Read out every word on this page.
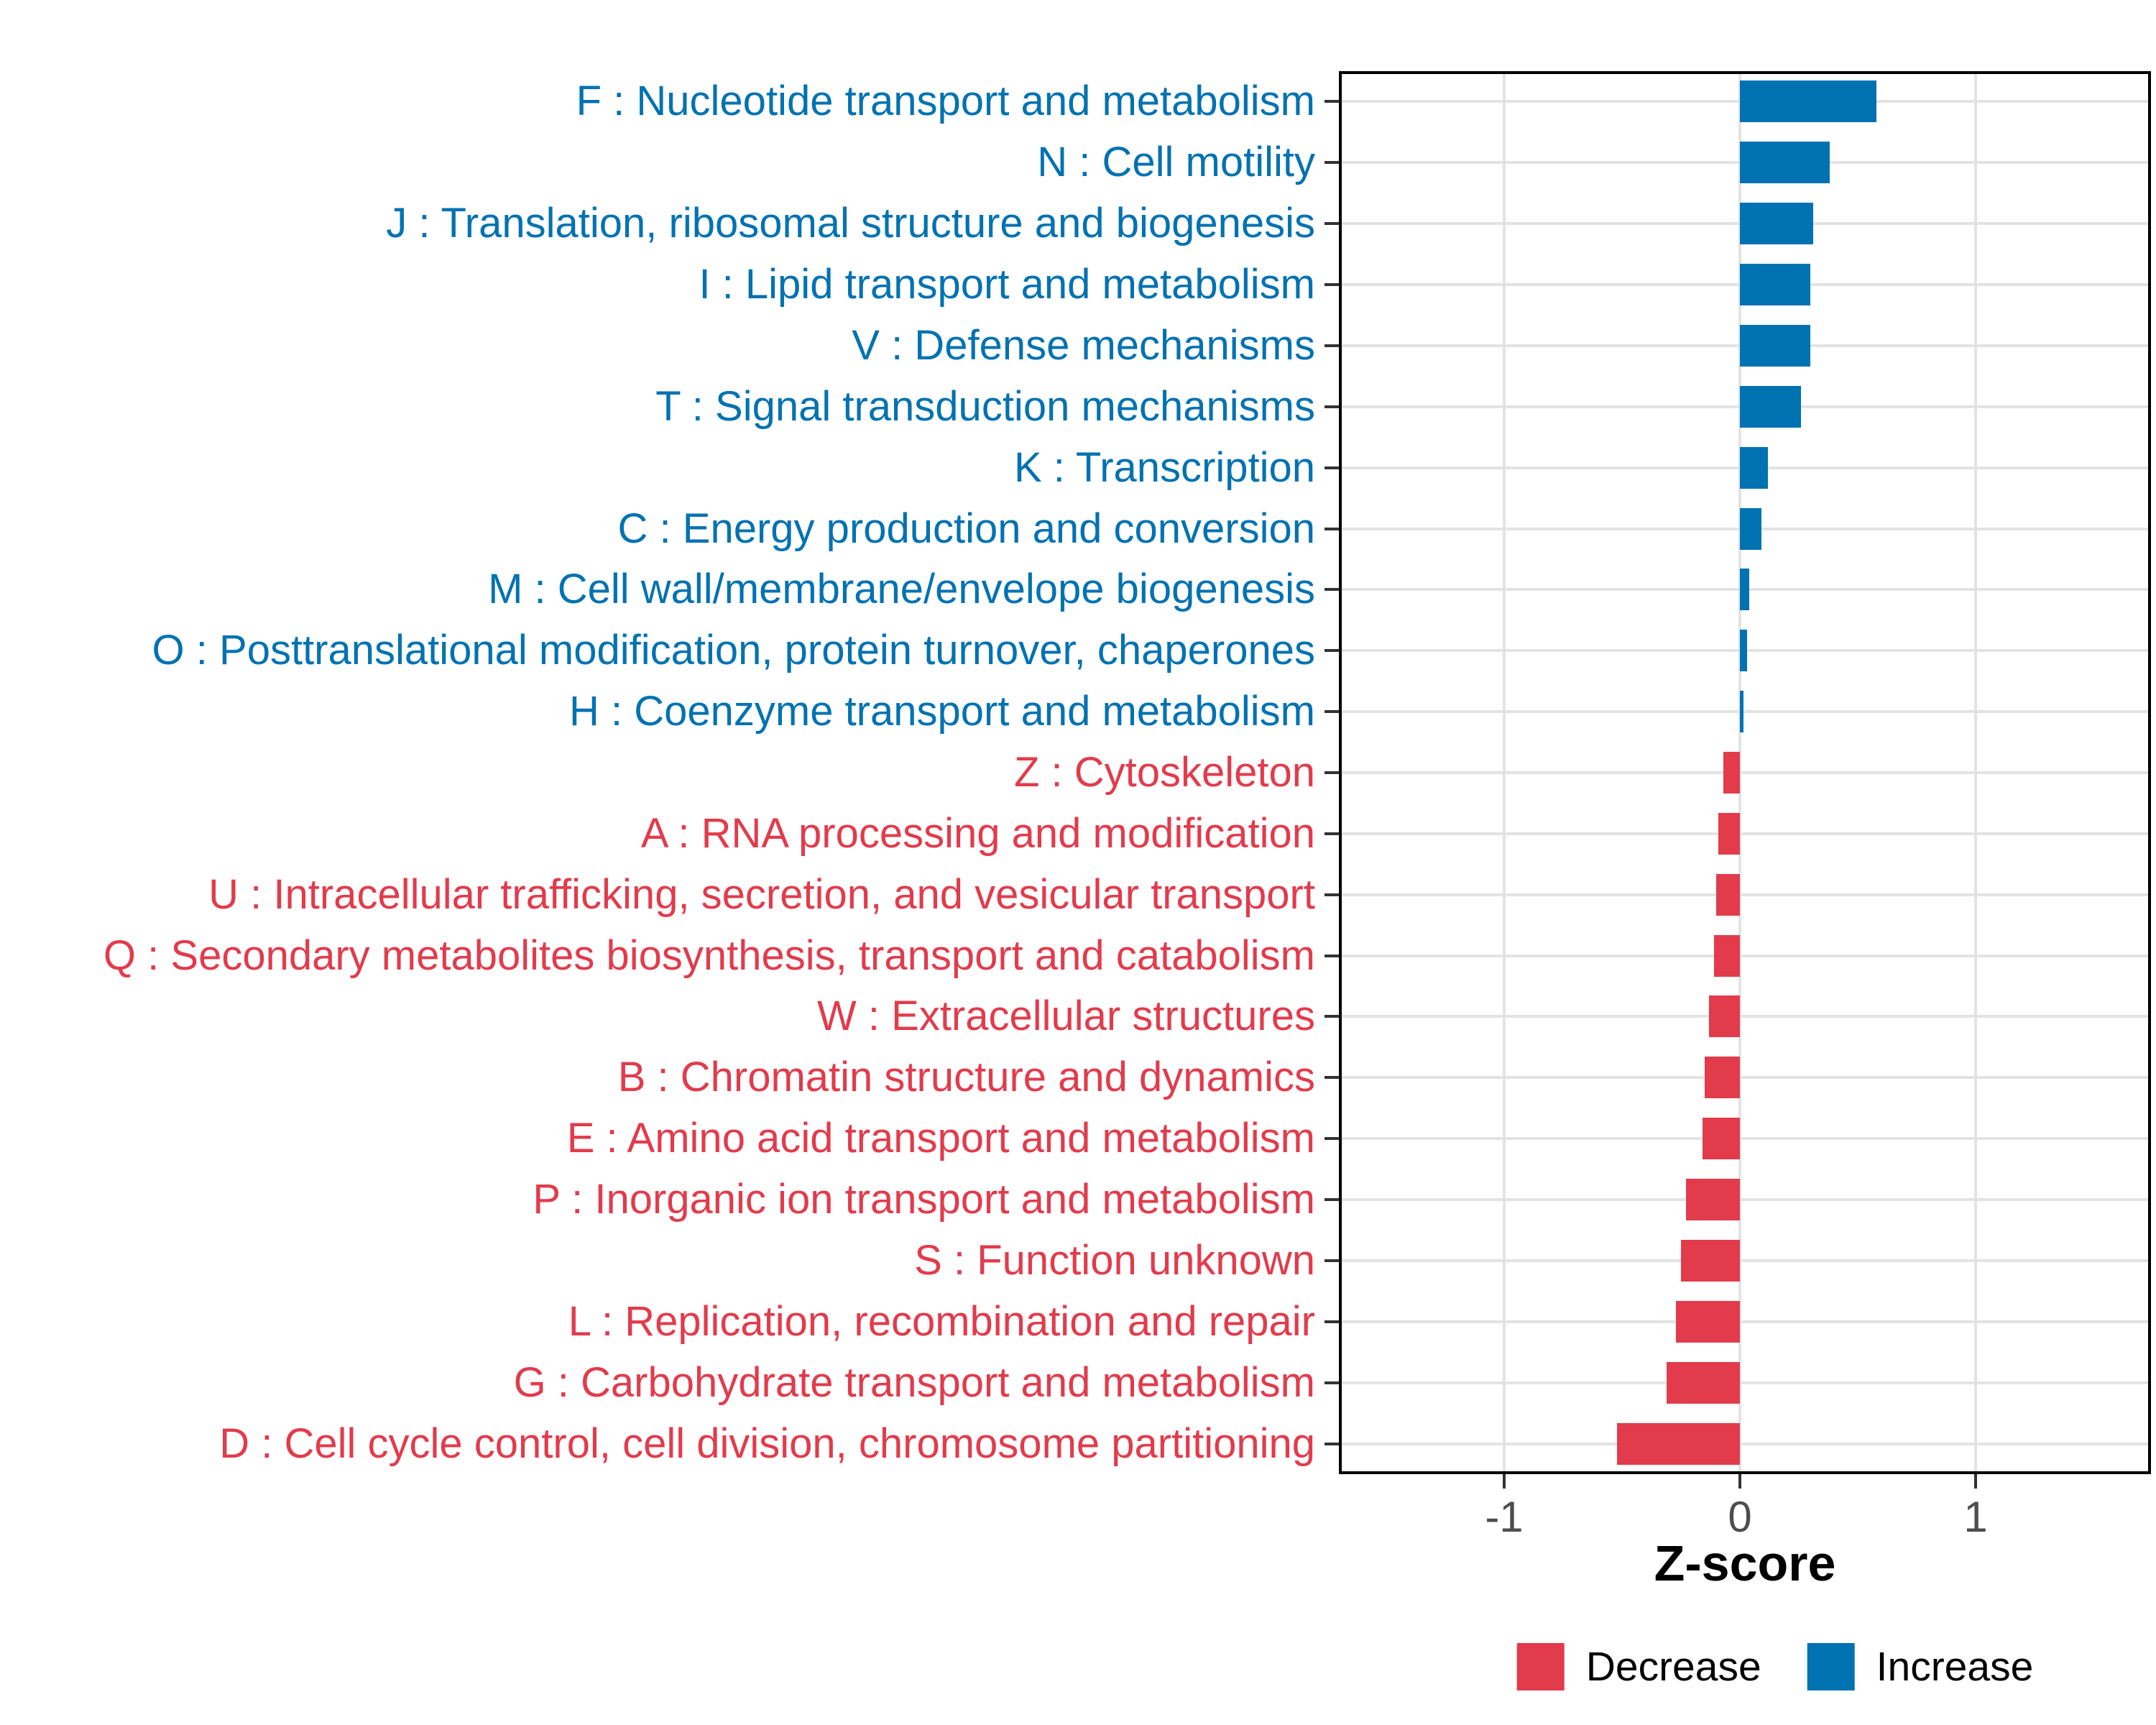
F : Nucleotide transport and metabolism
N : Cell motility
J : Translation, ribosomal structure and biogenesis
I : Lipid transport and metabolism
V : Defense mechanisms
T : Signal transduction mechanisms
K : Transcription
C : Energy production and conversion
M : Cell wall/membrane/envelope biogenesis
O : Posttranslational modification, protein turnover, chaperones
H : Coenzyme transport and metabolism
Z : Cytoskeleton
A : RNA processing and modification
U : Intracellular trafficking, secretion, and vesicular transport
Q : Secondary metabolites biosynthesis, transport and catabolism
W : Extracellular structures
B : Chromatin structure and dynamics
E : Amino acid transport and metabolism
P : Inorganic ion transport and metabolism
S : Function unknown
L : Replication, recombination and repair
G : Carbohydrate transport and metabolism
D : Cell cycle control, cell division, chromosome partitioning
-1	0	1
Z-score
Decrease	Increase
